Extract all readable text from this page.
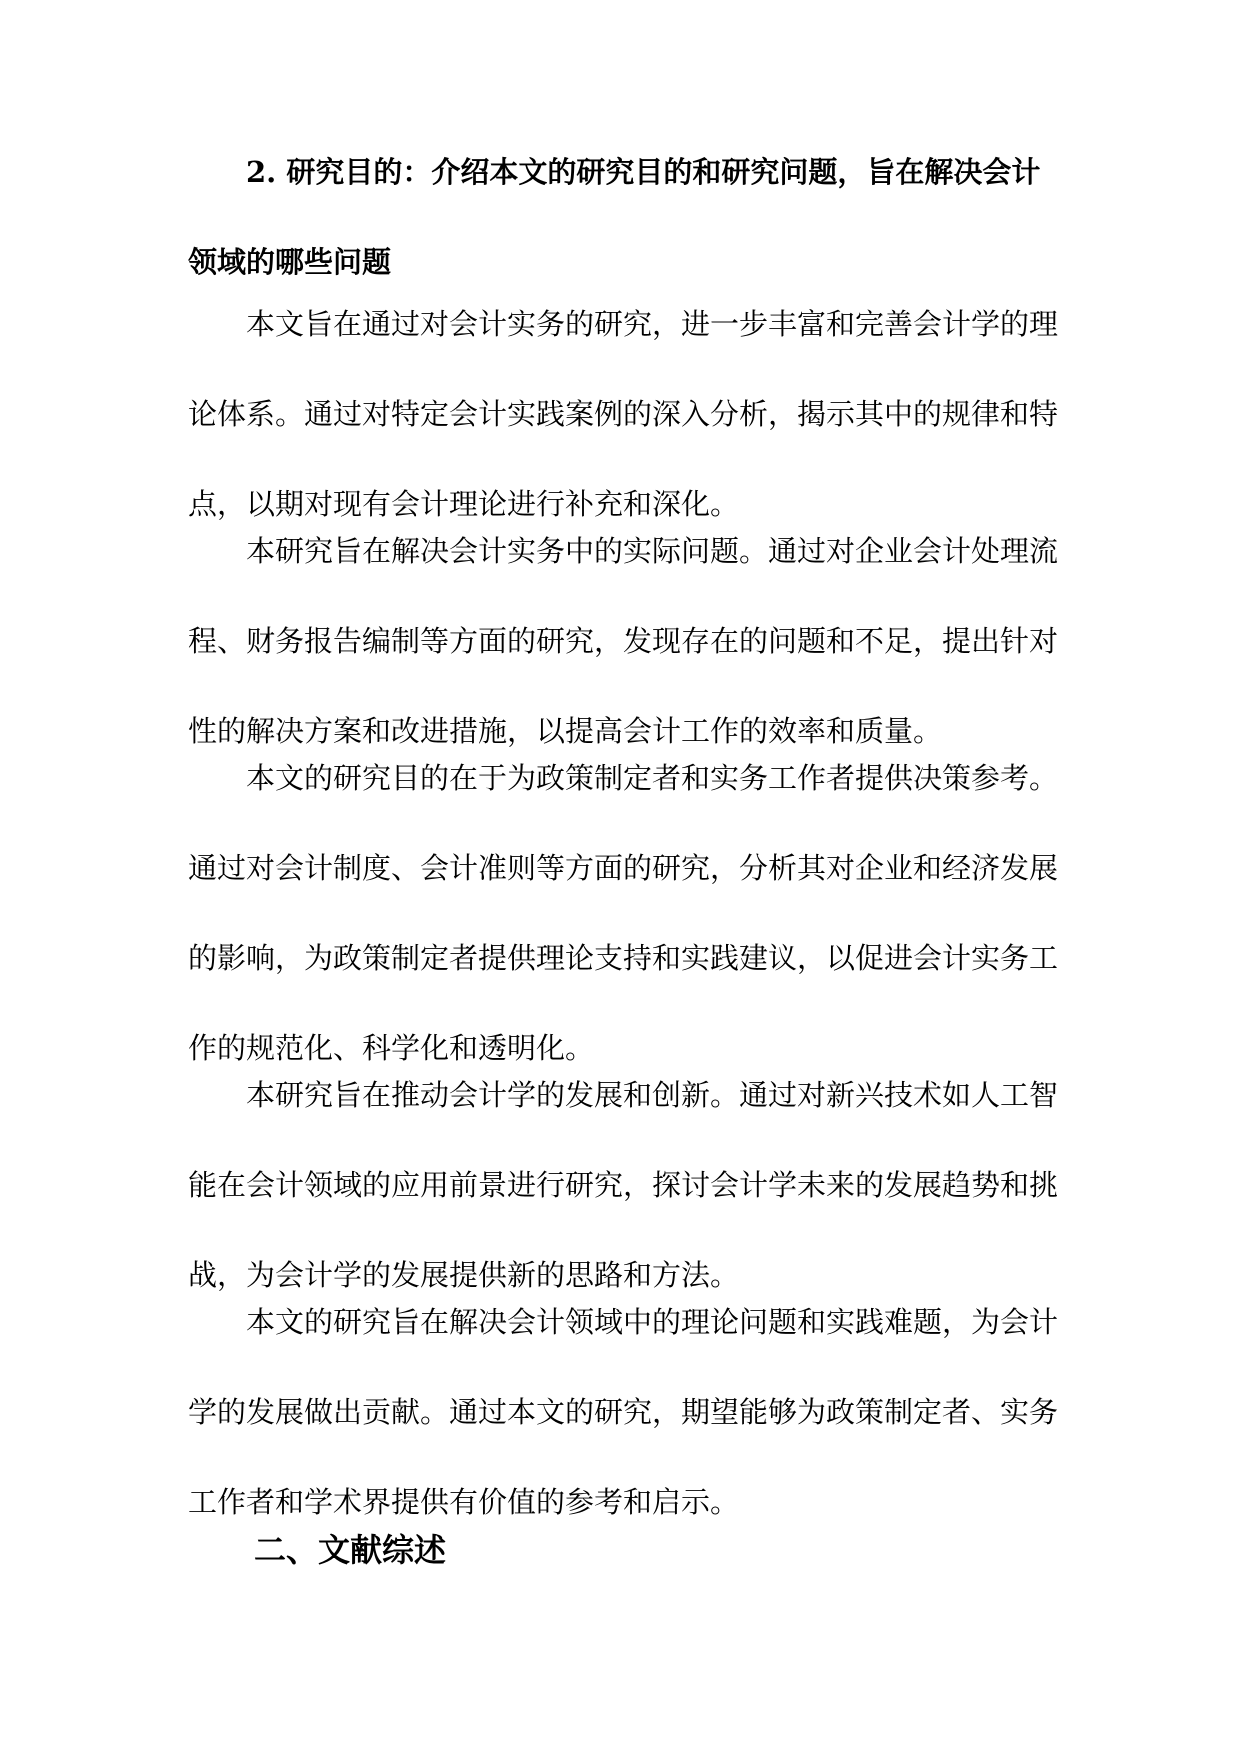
2. 研究目的：介绍本文的研究目的和研究问题，旨在解决会计
领域的哪些问题
本文旨在通过对会计实务的研究，进一步丰富和完善会计学的理
论体系。通过对特定会计实践案例的深入分析，揭示其中的规律和特
点，以期对现有会计理论进行补充和深化。
本研究旨在解决会计实务中的实际问题。通过对企业会计处理流
程、财务报告编制等方面的研究，发现存在的问题和不足，提出针对
性的解决方案和改进措施，以提高会计工作的效率和质量。
本文的研究目的在于为政策制定者和实务工作者提供决策参考。
通过对会计制度、会计准则等方面的研究，分析其对企业和经济发展
的影响，为政策制定者提供理论支持和实践建议，以促进会计实务工
作的规范化、科学化和透明化。
本研究旨在推动会计学的发展和创新。通过对新兴技术如人工智
能在会计领域的应用前景进行研究，探讨会计学未来的发展趋势和挑
战，为会计学的发展提供新的思路和方法。
本文的研究旨在解决会计领域中的理论问题和实践难题，为会计
学的发展做出贡献。通过本文的研究，期望能够为政策制定者、实务
工作者和学术界提供有价值的参考和启示。
二、文献综述
